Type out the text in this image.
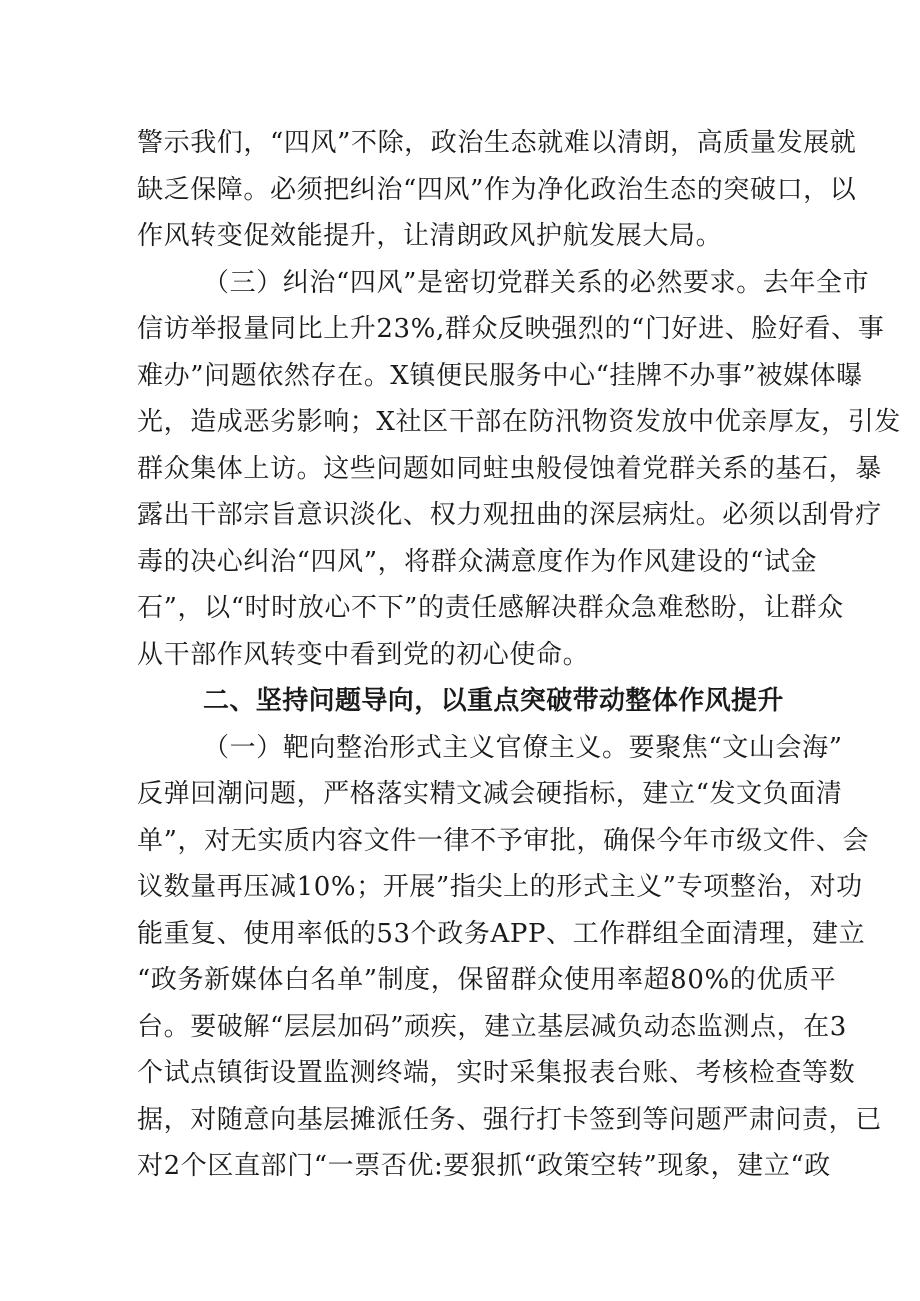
警示我们，“四风”不除，政治生态就难以清朗，高质量发展就
缺乏保障。必须把纠治“四风”作为净化政治生态的突破口，以
作风转变促效能提升，让清朗政风护航发展大局。
（三）纠治“四风”是密切党群关系的必然要求。去年全市
信访举报量同比上升23%,群众反映强烈的“门好进、脸好看、事
难办”问题依然存在。X镇便民服务中心“挂牌不办事”被媒体曝
光，造成恶劣影响；X社区干部在防汛物资发放中优亲厚友，引发
群众集体上访。这些问题如同蛀虫般侵蚀着党群关系的基石，暴
露出干部宗旨意识淡化、权力观扭曲的深层病灶。必须以刮骨疗
毒的决心纠治“四风”，将群众满意度作为作风建设的“试金
石”，以“时时放心不下”的责任感解决群众急难愁盼，让群众
从干部作风转变中看到党的初心使命。
二、坚持问题导向，以重点突破带动整体作风提升
（一）靶向整治形式主义官僚主义。要聚焦“文山会海”
反弹回潮问题，严格落实精文减会硬指标，建立“发文负面清
单”，对无实质内容文件一律不予审批，确保今年市级文件、会
议数量再压减10%；开展”指尖上的形式主义”专项整治，对功
能重复、使用率低的53个政务APP、工作群组全面清理，建立
“政务新媒体白名单”制度，保留群众使用率超80%的优质平
台。要破解“层层加码”顽疾，建立基层减负动态监测点，在3
个试点镇街设置监测终端，实时采集报表台账、考核检查等数
据，对随意向基层摊派任务、强行打卡签到等问题严肃问责，已
对2个区直部门“一票否优:要狠抓“政策空转”现象，建立“政
